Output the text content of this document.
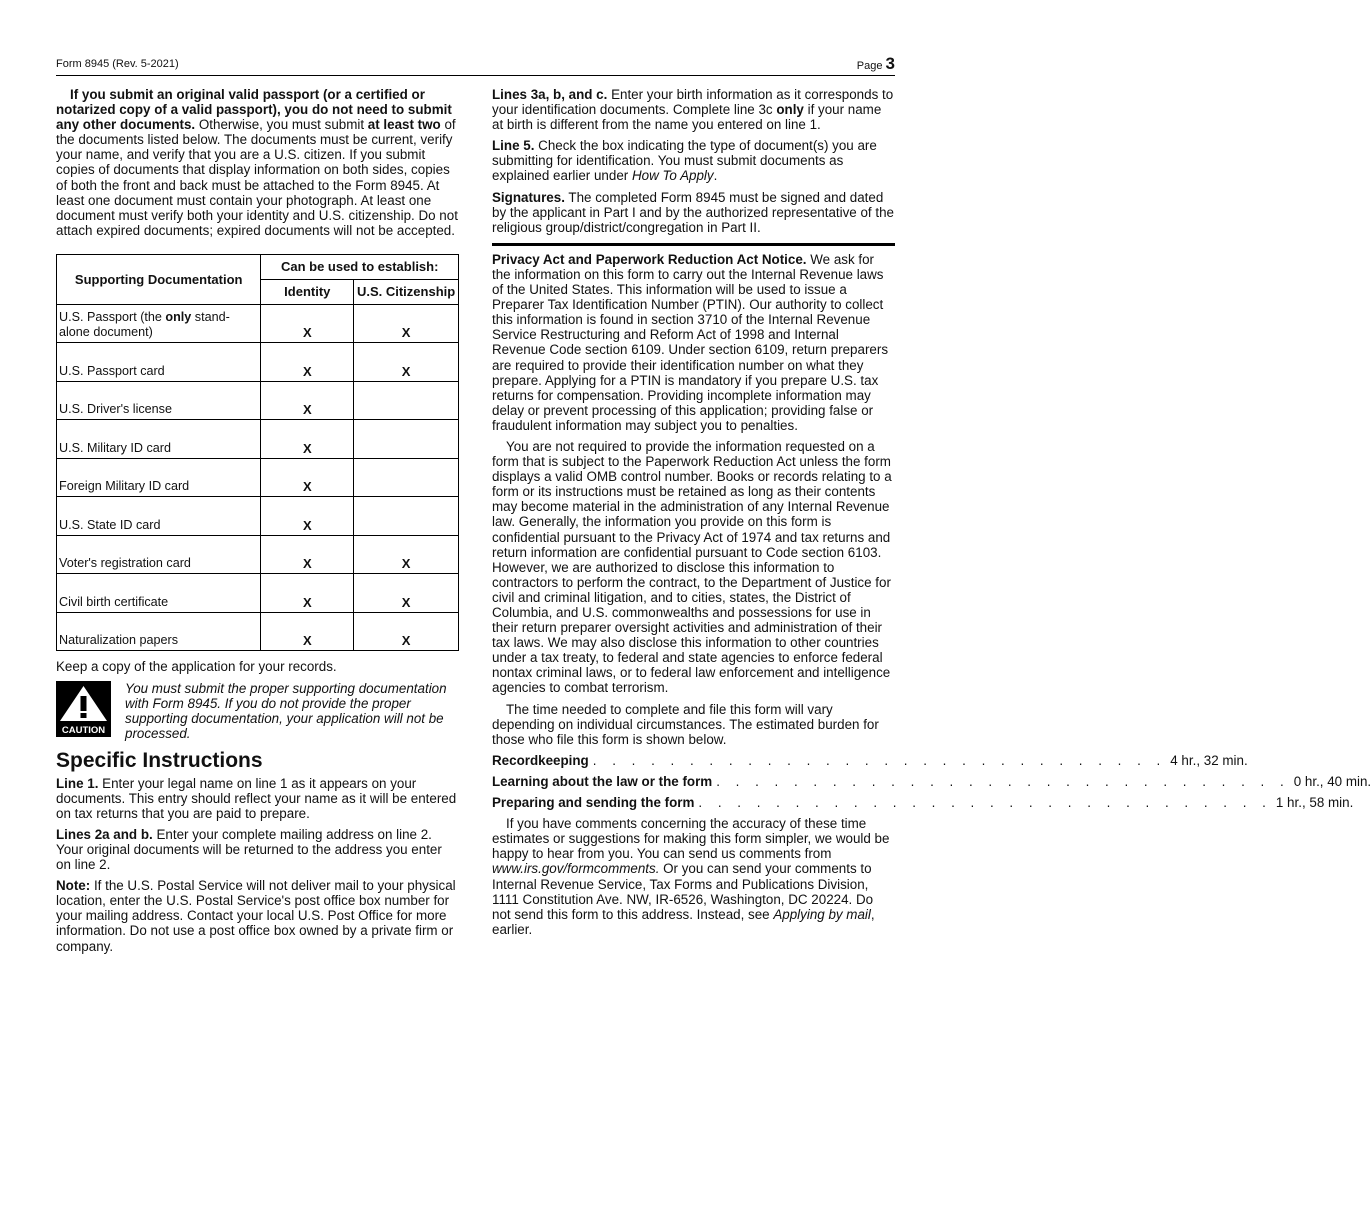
Form 8945 (Rev. 5-2021)	Page 3

If you submit an original valid passport (or a certified or notarized copy of a valid passport), you do not need to submit any other documents. Otherwise, you must submit at least two of the documents listed below. The documents must be current, verify your name, and verify that you are a U.S. citizen. If you submit copies of documents that display information on both sides, copies of both the front and back must be attached to the Form 8945. At least one document must contain your photograph. At least one document must verify both your identity and U.S. citizenship. Do not attach expired documents; expired documents will not be accepted.

Supporting Documentation	Can be used to establish:	
	Identity	U.S. Citizenship
U.S. Passport (the only stand-alone document)	X	X
U.S. Passport card	X	X
U.S. Driver's license	X	
U.S. Military ID card	X	
Foreign Military ID card	X	
U.S. State ID card	X	
Voter's registration card	X	X
Civil birth certificate	X	X
Naturalization papers	X	X

Keep a copy of the application for your records.

CAUTION
You must submit the proper supporting documentation with Form 8945. If you do not provide the proper supporting documentation, your application will not be processed.
Specific Instructions

Line 1. Enter your legal name on line 1 as it appears on your documents. This entry should reflect your name as it will be entered on tax returns that you are paid to prepare.

Lines 2a and b. Enter your complete mailing address on line 2. Your original documents will be returned to the address you enter on line 2.

Note: If the U.S. Postal Service will not deliver mail to your physical location, enter the U.S. Postal Service's post office box number for your mailing address. Contact your local U.S. Post Office for more information. Do not use a post office box owned by a private firm or company.

Lines 3a, b, and c. Enter your birth information as it corresponds to your identification documents. Complete line 3c only if your name at birth is different from the name you entered on line 1.

Line 5. Check the box indicating the type of document(s) you are submitting for identification. You must submit documents as explained earlier under How To Apply.

Signatures. The completed Form 8945 must be signed and dated by the applicant in Part I and by the authorized representative of the religious group/district/congregation in Part II.

Privacy Act and Paperwork Reduction Act Notice. We ask for the information on this form to carry out the Internal Revenue laws of the United States. This information will be used to issue a Preparer Tax Identification Number (PTIN). Our authority to collect this information is found in section 3710 of the Internal Revenue Service Restructuring and Reform Act of 1998 and Internal Revenue Code section 6109. Under section 6109, return preparers are required to provide their identification number on what they prepare. Applying for a PTIN is mandatory if you prepare U.S. tax returns for compensation. Providing incomplete information may delay or prevent processing of this application; providing false or fraudulent information may subject you to penalties.

You are not required to provide the information requested on a form that is subject to the Paperwork Reduction Act unless the form displays a valid OMB control number. Books or records relating to a form or its instructions must be retained as long as their contents may become material in the administration of any Internal Revenue law. Generally, the information you provide on this form is confidential pursuant to the Privacy Act of 1974 and tax returns and return information are confidential pursuant to Code section 6103. However, we are authorized to disclose this information to contractors to perform the contract, to the Department of Justice for civil and criminal litigation, and to cities, states, the District of Columbia, and U.S. commonwealths and possessions for use in their return preparer oversight activities and administration of their tax laws. We may also disclose this information to other countries under a tax treaty, to federal and state agencies to enforce federal nontax criminal laws, or to federal law enforcement and intelligence agencies to combat terrorism.

The time needed to complete and file this form will vary depending on individual circumstances. The estimated burden for those who file this form is shown below.

Recordkeeping . . . . . . . . . . . . . . . . . . . . . . . . . . . . . . 4 hr., 32 min.
Learning about the law or the form . . . . . . . . . . . . . . . . . . . . . . . . . . . . . . 0 hr., 40 min.
Preparing and sending the form . . . . . . . . . . . . . . . . . . . . . . . . . . . . . . 1 hr., 58 min.

If you have comments concerning the accuracy of these time estimates or suggestions for making this form simpler, we would be happy to hear from you. You can send us comments from www.irs.gov/formcomments. Or you can send your comments to Internal Revenue Service, Tax Forms and Publications Division, 1111 Constitution Ave. NW, IR-6526, Washington, DC 20224. Do not send this form to this address. Instead, see Applying by mail, earlier.
